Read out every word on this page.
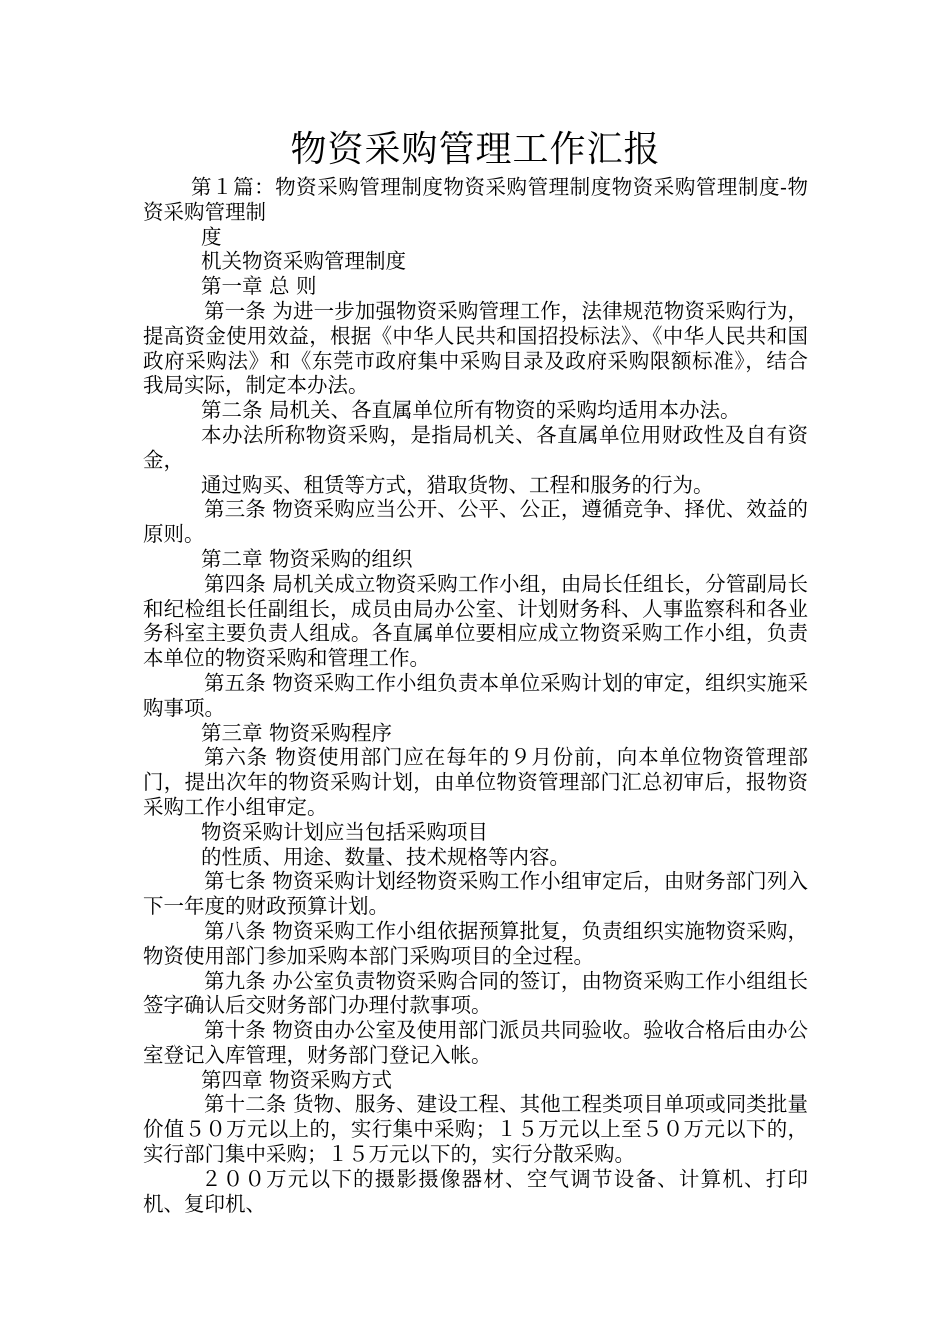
物资采购管理工作汇报

第１篇：物资采购管理制度物资采购管理制度物资采购管理制度-物资采购管理制

度

机关物资采购管理制度

第一章 总 则

第一条 为进一步加强物资采购管理工作，法律规范物资采购行为，提高资金使用效益，根据《中华人民共和国招投标法》、《中华人民共和国政府采购法》和《东莞市政府集中采购目录及政府采购限额标准》，结合我局实际，制定本办法。

第二条 局机关、各直属单位所有物资的采购均适用本办法。

本办法所称物资采购，是指局机关、各直属单位用财政性及自有资金，

通过购买、租赁等方式，猎取货物、工程和服务的行为。

第三条 物资采购应当公开、公平、公正，遵循竞争、择优、效益的原则。

第二章 物资采购的组织

第四条 局机关成立物资采购工作小组，由局长任组长，分管副局长和纪检组长任副组长，成员由局办公室、计划财务科、人事监察科和各业务科室主要负责人组成。各直属单位要相应成立物资采购工作小组，负责本单位的物资采购和管理工作。

第五条 物资采购工作小组负责本单位采购计划的审定，组织实施采购事项。

第三章 物资采购程序

第六条 物资使用部门应在每年的９月份前，向本单位物资管理部门，提出次年的物资采购计划，由单位物资管理部门汇总初审后，报物资采购工作小组审定。

物资采购计划应当包括采购项目

的性质、用途、数量、技术规格等内容。

第七条 物资采购计划经物资采购工作小组审定后，由财务部门列入下一年度的财政预算计划。

第八条 物资采购工作小组依据预算批复，负责组织实施物资采购，物资使用部门参加采购本部门采购项目的全过程。

第九条 办公室负责物资采购合同的签订，由物资采购工作小组组长签字确认后交财务部门办理付款事项。

第十条 物资由办公室及使用部门派员共同验收。验收合格后由办公室登记入库管理，财务部门登记入帐。

第四章 物资采购方式

第十二条 货物、服务、建设工程、其他工程类项目单项或同类批量价值５０万元以上的，实行集中采购；１５万元以上至５０万元以下的，实行部门集中采购；１５万元以下的，实行分散采购。

２００万元以下的摄影摄像器材、空气调节设备、计算机、打印机、复印机、
